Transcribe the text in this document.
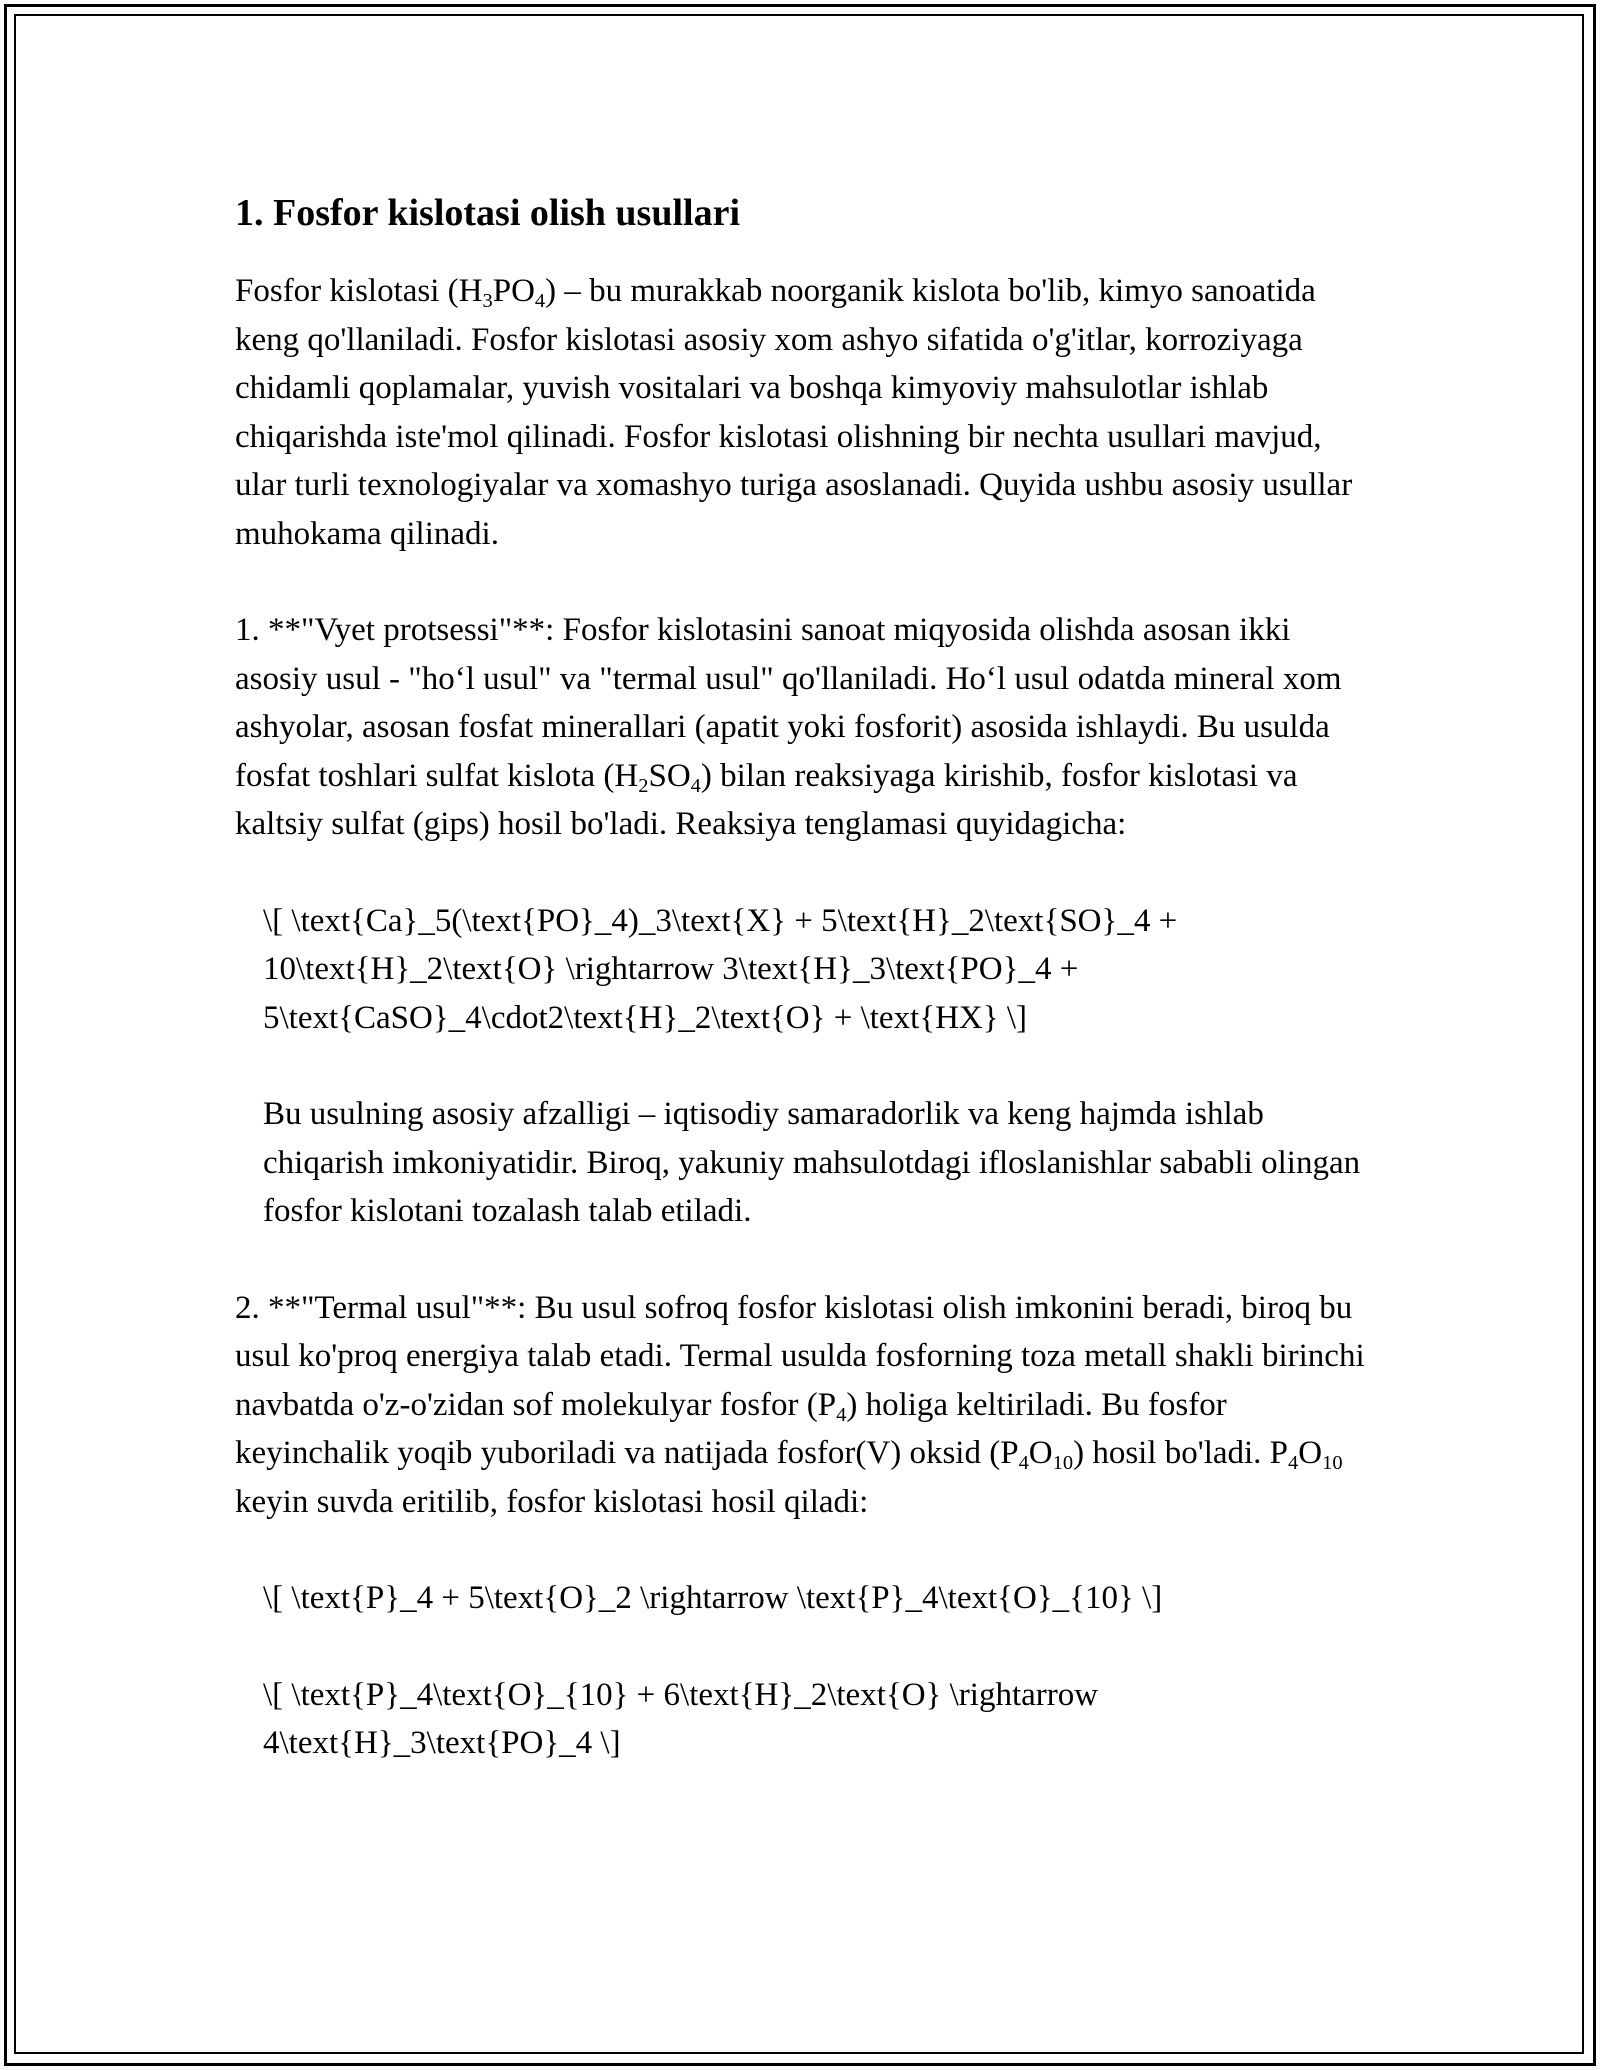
1. Fosfor kislotasi olish usullari

Fosfor kislotasi $(H_3PO_4)$ – bu murakkab noorganik kislota bo'lib, kimyo sanoatida keng qo'llaniladi. Fosfor kislotasi asosiy xom ashyo sifatida o'g'itlar, korroziyaga chidamli qoplamalar, yuvish vositalari va boshqa kimyoviy mahsulotlar ishlab chiqarishda iste'mol qilinadi. Fosfor kislotasi olishning bir nechta usullari mavjud, ular turli texnologiyalar va xomashyo turiga asoslanadi. Quyida ushbu asosiy usullar muhokama qilinadi.

1. **"Vyet protsessi"**: Fosfor kislotasini sanoat miqyosida olishda asosan ikki asosiy usul - "ho‘l usul" va "termal usul" qo'llaniladi. Ho‘l usul odatda mineral xom ashyolar, asosan fosfat minerallari (apatit yoki fosforit) asosida ishlaydi. Bu usulda fosfat toshlari sulfat kislota $(H_2SO_4)$ bilan reaksiyaga kirishib, fosfor kislotasi va kaltsiy sulfat (gips) hosil bo'ladi. Reaksiya tenglamasi quyidagicha:

\[ \text{Ca}_5(\text{PO}_4)_3\text{X} + 5\text{H}_2\text{SO}_4 + 10\text{H}_2\text{O} \rightarrow 3\text{H}_3\text{PO}_4 + 5\text{CaSO}_4\cdot2\text{H}_2\text{O} + \text{HX} \]

Bu usulning asosiy afzalligi – iqtisodiy samaradorlik va keng hajmda ishlab chiqarish imkoniyatidir. Biroq, yakuniy mahsulotdagi ifloslanishlar sababli olingan fosfor kislotani tozalash talab etiladi.

2. **"Termal usul"**: Bu usul sofroq fosfor kislotasi olish imkonini beradi, biroq bu usul ko'proq energiya talab etadi. Termal usulda fosforning toza metall shakli birinchi navbatda o'z-o'zidan sof molekulyar fosfor $(P_4)$ holiga keltiriladi. Bu fosfor keyinchalik yoqib yuboriladi va natijada fosfor(V) oksid $(P_4O_{10})$ hosil bo'ladi. $P_4O_{10}$ keyin suvda eritilib, fosfor kislotasi hosil qiladi:

\[ \text{P}_4 + 5\text{O}_2 \rightarrow \text{P}_4\text{O}_{10} \]

\[ \text{P}_4\text{O}_{10} + 6\text{H}_2\text{O} \rightarrow 4\text{H}_3\text{PO}_4 \]
